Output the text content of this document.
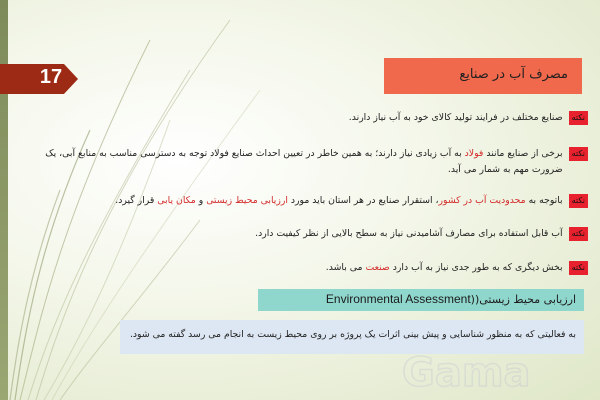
17	مصرف آب در صنایع
نکته
صنایع مختلف در فرایند تولید کالای خود به آب نیاز دارند.
نکته
برخی از صنایع مانند فولاد به آب زیادی نیاز دارند؛ به همین خاطر در تعیین احداث صنایع فولاد توجه به دسترسی مناسب به منابع آبی، یک ضرورت مهم به شمار می آید.
نکته
باتوجه به محدودیت آب در کشور، استقرار صنایع در هر استان باید مورد ارزیابی محیط زیستی و مکان یابی قرار گیرد.
نکته
آب قابل استفاده برای مصارف آشامیدنی نیاز به سطح بالایی از نظر کیفیت دارد.
نکته
بخش دیگری که به طور جدی نیاز به آب دارد صنعت می باشد.
ارزیابی محیط زیستی((Environmental Assessment
به فعالیتی که به منظور شناسایی و پیش بینی اثرات یک پروژه بر روی محیط زیست به انجام می رسد گفته می شود.
Gama
